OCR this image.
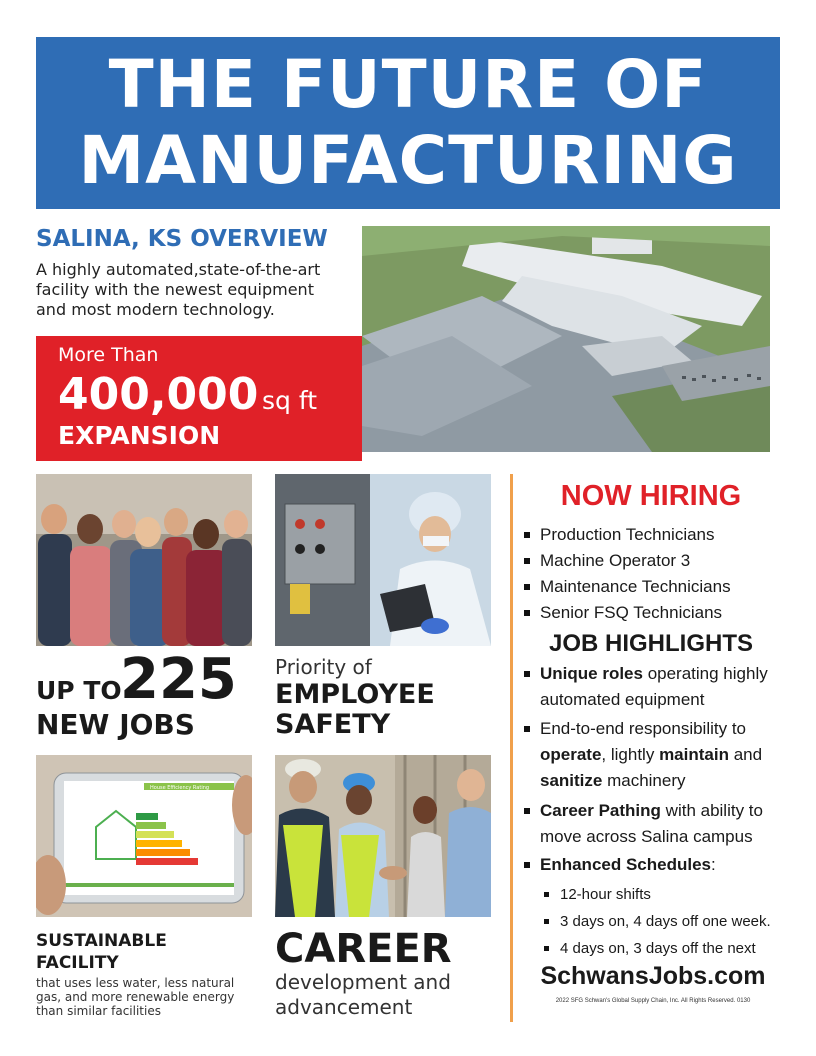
THE FUTURE OF
MANUFACTURING
SALINA, KS OVERVIEW
A highly automated,state-of-the-art facility with the newest equipment and most modern technology.
More Than
400,000 sq ft
EXPANSION
UP TO
225
NEW JOBS
Priority of
EMPLOYEE
SAFETY
House Efficiency Rating
SUSTAINABLE
FACILITY
that uses less water, less natural gas, and more renewable energy than similar facilities
CAREER
development and advancement
NOW HIRING
Production Technicians
Machine Operator 3
Maintenance Technicians
Senior FSQ Technicians
JOB HIGHLIGHTS
Unique roles operating highly automated equipment
End-to-end responsibility to operate, lightly maintain and sanitize machinery
Career Pathing with ability to move across Salina campus
Enhanced Schedules:
12-hour shifts
3 days on, 4 days off one week.
4 days on, 3 days off the next
SchwansJobs.com
2022 SFG Schwan's Global Supply Chain, Inc. All Rights Reserved. 0130
